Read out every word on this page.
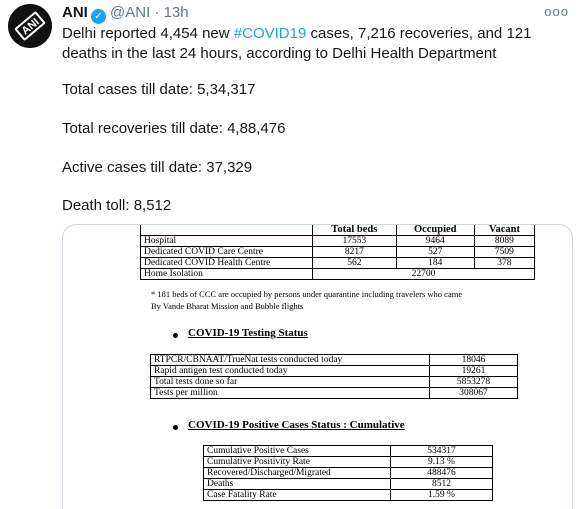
ANI
ANI ✓ @ANI · 13h	ooo

Delhi reported 4,454 new #COVID19 cases, 7,216 recoveries, and 121 deaths in the last 24 hours, according to Delhi Health Department

Total cases till date: 5,34,317
Total recoveries till date: 4,88,476
Active cases till date: 37,329
Death toll: 8,512
	Total beds	Occupied	Vacant
Hospital	17553	9464	8089
Dedicated COVID Care Centre	8217	527	7509
Dedicated COVID Health Centre	562	184	378
Home Isolation	22700		
* 181 beds of CCC are occupied by persons under quarantine including travelers who came
By Vande Bharat Mission and Bubble flights
COVID-19 Testing Status
RTPCR/CBNAAT/TrueNat tests conducted today	18046
Rapid antigen test conducted today	19261
Total tests done so far	5853278
Tests per million	308067
COVID-19 Positive Cases Status : Cumulative
Cumulative Positive Cases	534317
Cumulative Positivity Rate	9.13 %
Recovered/Discharged/Migrated	488476
Deaths	8512
Case Fatality Rate	1.59 %
